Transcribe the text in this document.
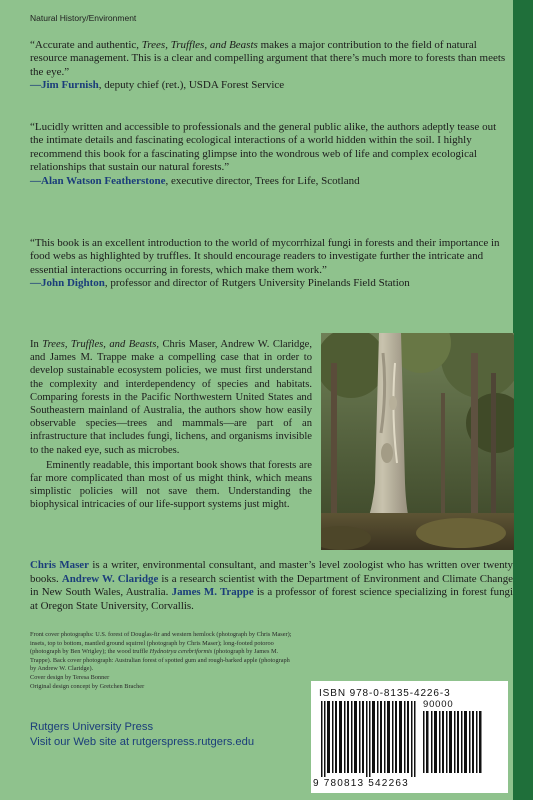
Natural History/Environment

“Accurate and authentic, Trees, Truffles, and Beasts makes a major contribution to the field of natural resource management. This is a clear and compelling argument that there’s much more to forests than meets the eye.”

—Jim Furnish, deputy chief (ret.), USDA Forest Service

“Lucidly written and accessible to professionals and the general public alike, the authors adeptly tease out the intimate details and fascinating ecological interactions of a world hidden within the soil. I highly recommend this book for a fascinating glimpse into the wondrous web of life and complex ecological relationships that sustain our natural forests.”

—Alan Watson Featherstone, executive director, Trees for Life, Scotland

“This book is an excellent introduction to the world of mycorrhizal fungi in forests and their importance in food webs as highlighted by truffles. It should encourage readers to investigate further the intricate and essential interactions occurring in forests, which make them work.”

—John Dighton, professor and director of Rutgers University Pinelands Field Station

In Trees, Truffles, and Beasts, Chris Maser, Andrew W. Claridge, and James M. Trappe make a compelling case that in order to develop sustainable ecosystem policies, we must first understand the complexity and interdependency of species and habitats. Comparing forests in the Pacific Northwestern United States and Southeastern mainland of Australia, the authors show how easily observable species—trees and mammals—are part of an infrastructure that includes fungi, lichens, and organisms invisible to the naked eye, such as microbes.

Eminently readable, this important book shows that forests are far more complicated than most of us might think, which means simplistic policies will not save them. Understanding the biophysical intricacies of our life-support systems just might.

Chris Maser is a writer, environmental consultant, and master’s level zoologist who has written over twenty books. Andrew W. Claridge is a research scientist with the Department of Environment and Climate Change in New South Wales, Australia. James M. Trappe is a professor of forest science specializing in forest fungi at Oregon State University, Corvallis.

Front cover photographs: U.S. forest of Douglas-fir and western hemlock (photograph by Chris Maser); insets, top to bottom, mantled ground squirrel (photograph by Chris Maser); long-footed potoroo (photograph by Ben Wrigley); the wood truffle Hydnotrya cerebriformis (photograph by James M. Trappe). Back cover photograph: Australian forest of spotted gum and rough-barked apple (photograph by Andrew W. Claridge).

Cover design by Teresa Bonner

Original design concept by Gretchen Bracher

Rutgers University Press
Visit our Web site at rutgerspress.rutgers.edu
ISBN 978-0-8135-4226-3
90000
9 780813 542263
